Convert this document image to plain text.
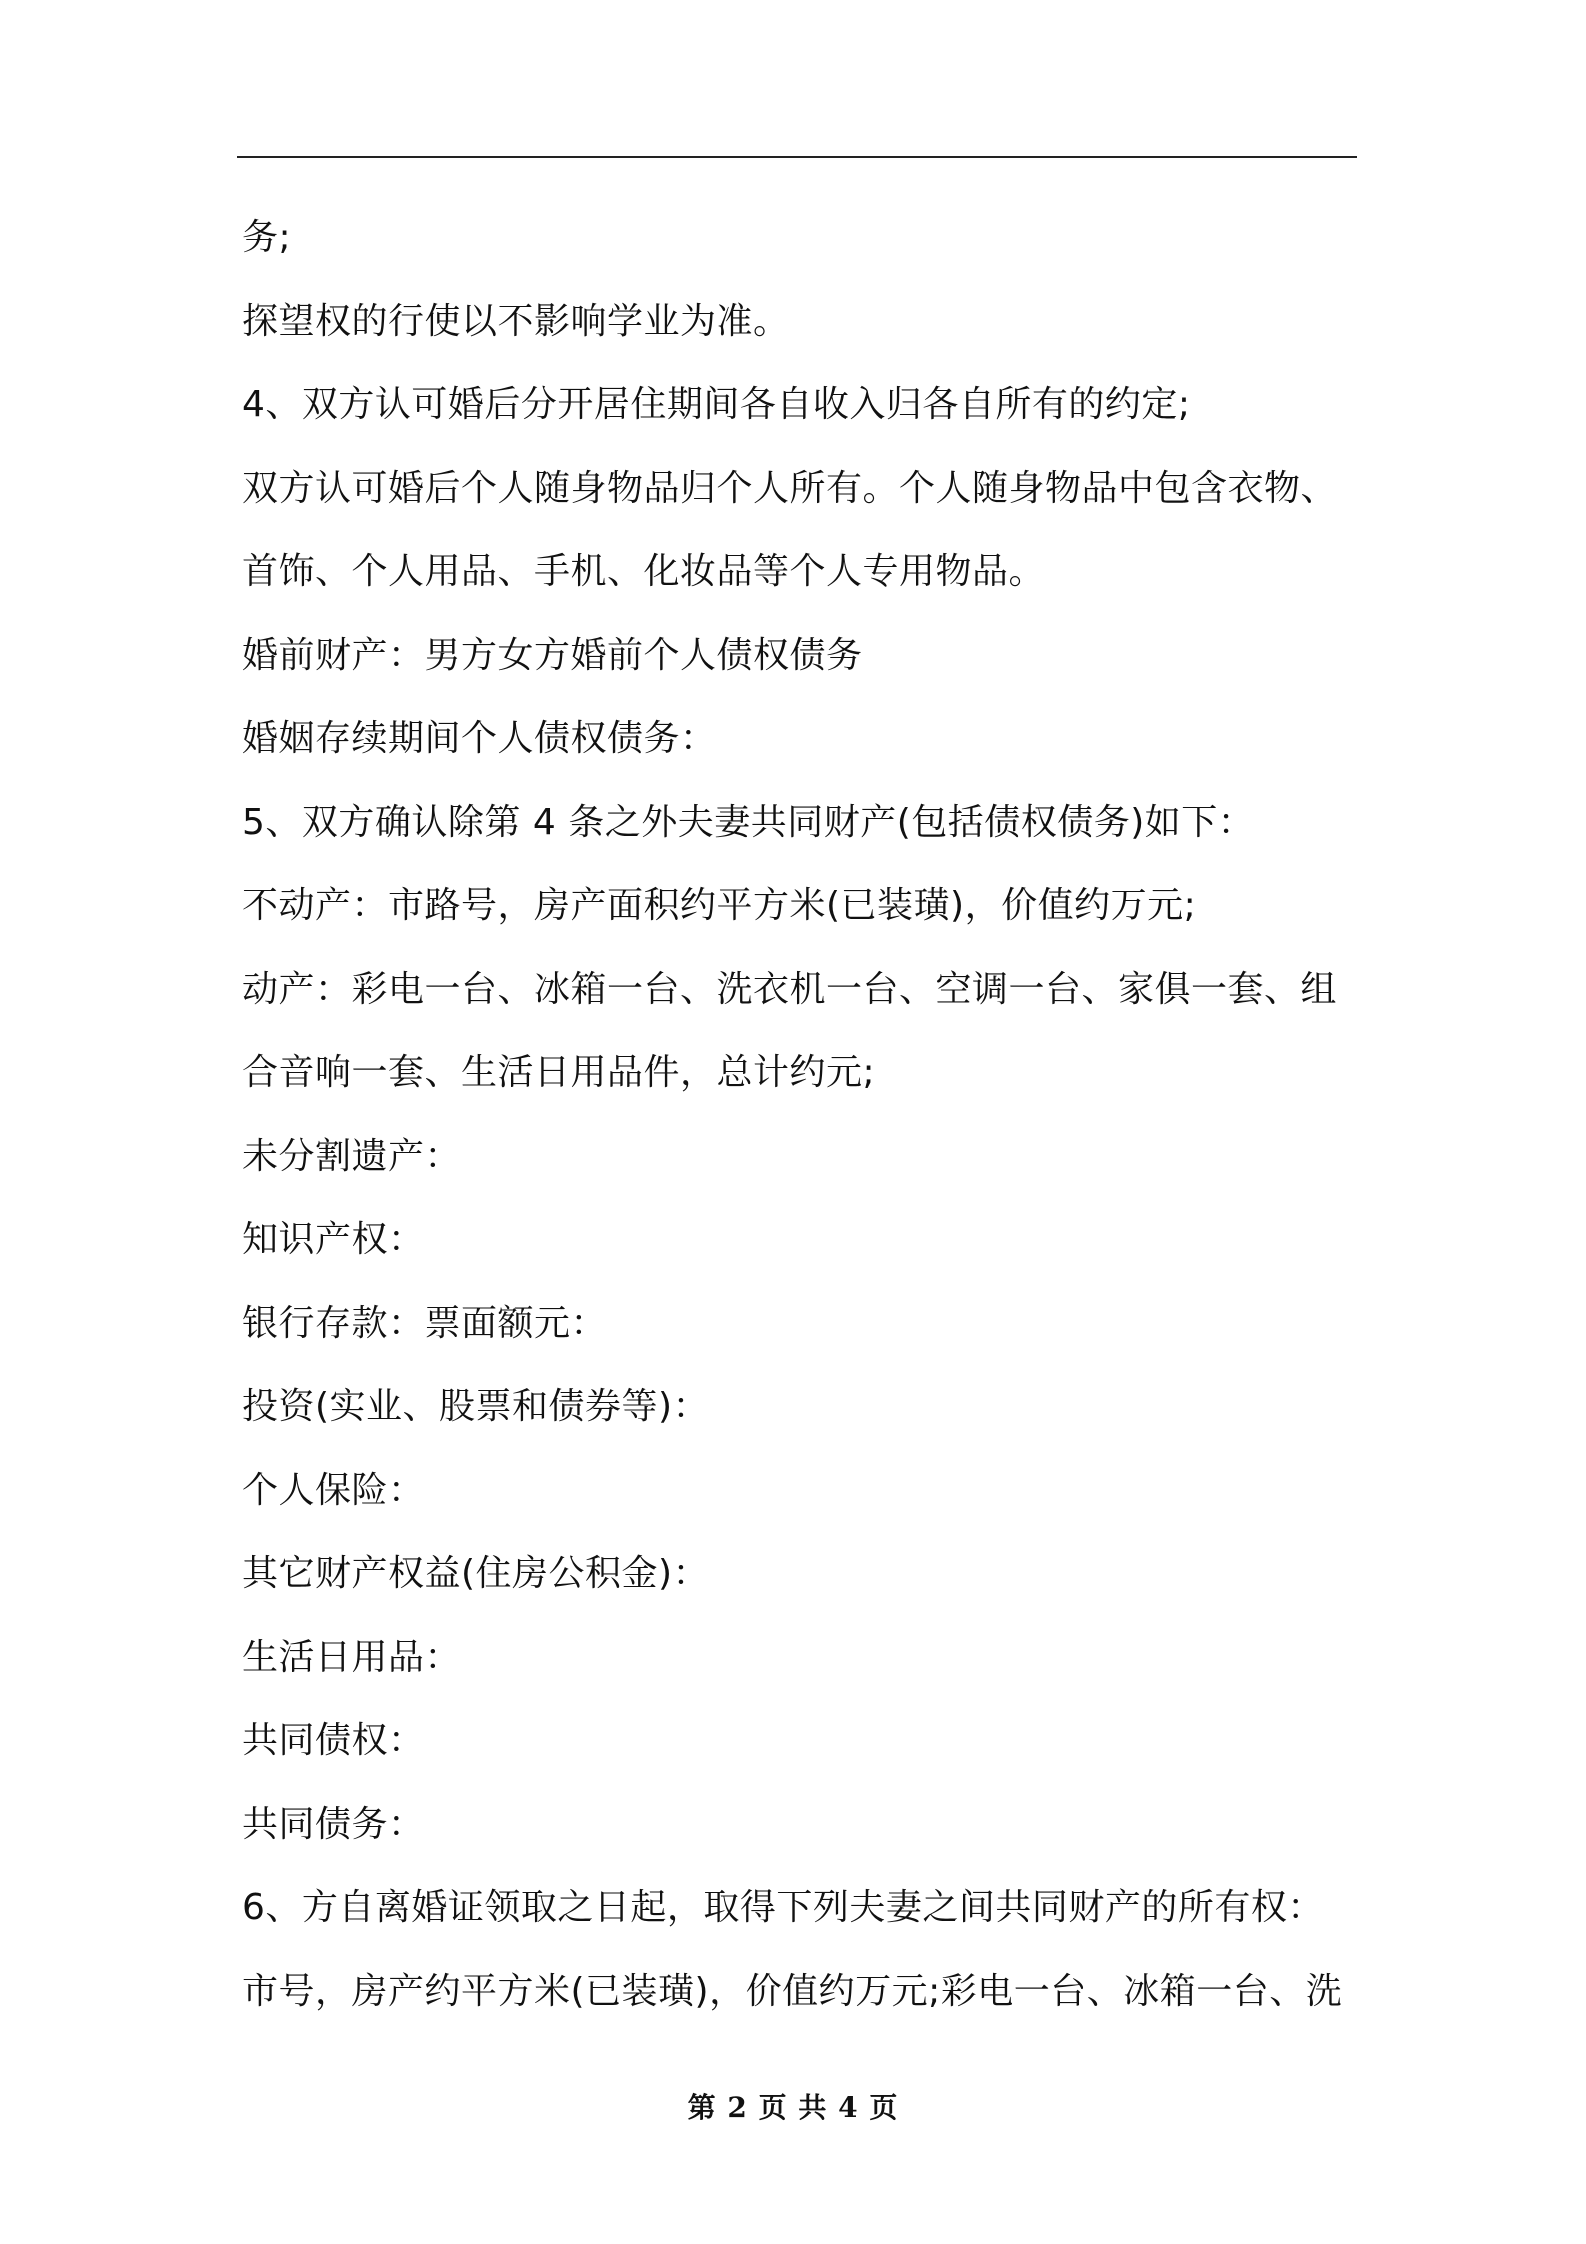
务;
探望权的行使以不影响学业为准。
4、双方认可婚后分开居住期间各自收入归各自所有的约定;
双方认可婚后个人随身物品归个人所有。个人随身物品中包含衣物、
首饰、个人用品、手机、化妆品等个人专用物品。
婚前财产：男方女方婚前个人债权债务
婚姻存续期间个人债权债务：
5、双方确认除第 4 条之外夫妻共同财产(包括债权债务)如下：
不动产：市路号，房产面积约平方米(已装璜)，价值约万元;
动产：彩电一台、冰箱一台、洗衣机一台、空调一台、家俱一套、组
合音响一套、生活日用品件，总计约元;
未分割遗产：
知识产权：
银行存款：票面额元：
投资(实业、股票和债券等)：
个人保险：
其它财产权益(住房公积金)：
生活日用品：
共同债权：
共同债务：
6、方自离婚证领取之日起，取得下列夫妻之间共同财产的所有权：
市号，房产约平方米(已装璜)，价值约万元;彩电一台、冰箱一台、洗
第 2 页 共 4 页
